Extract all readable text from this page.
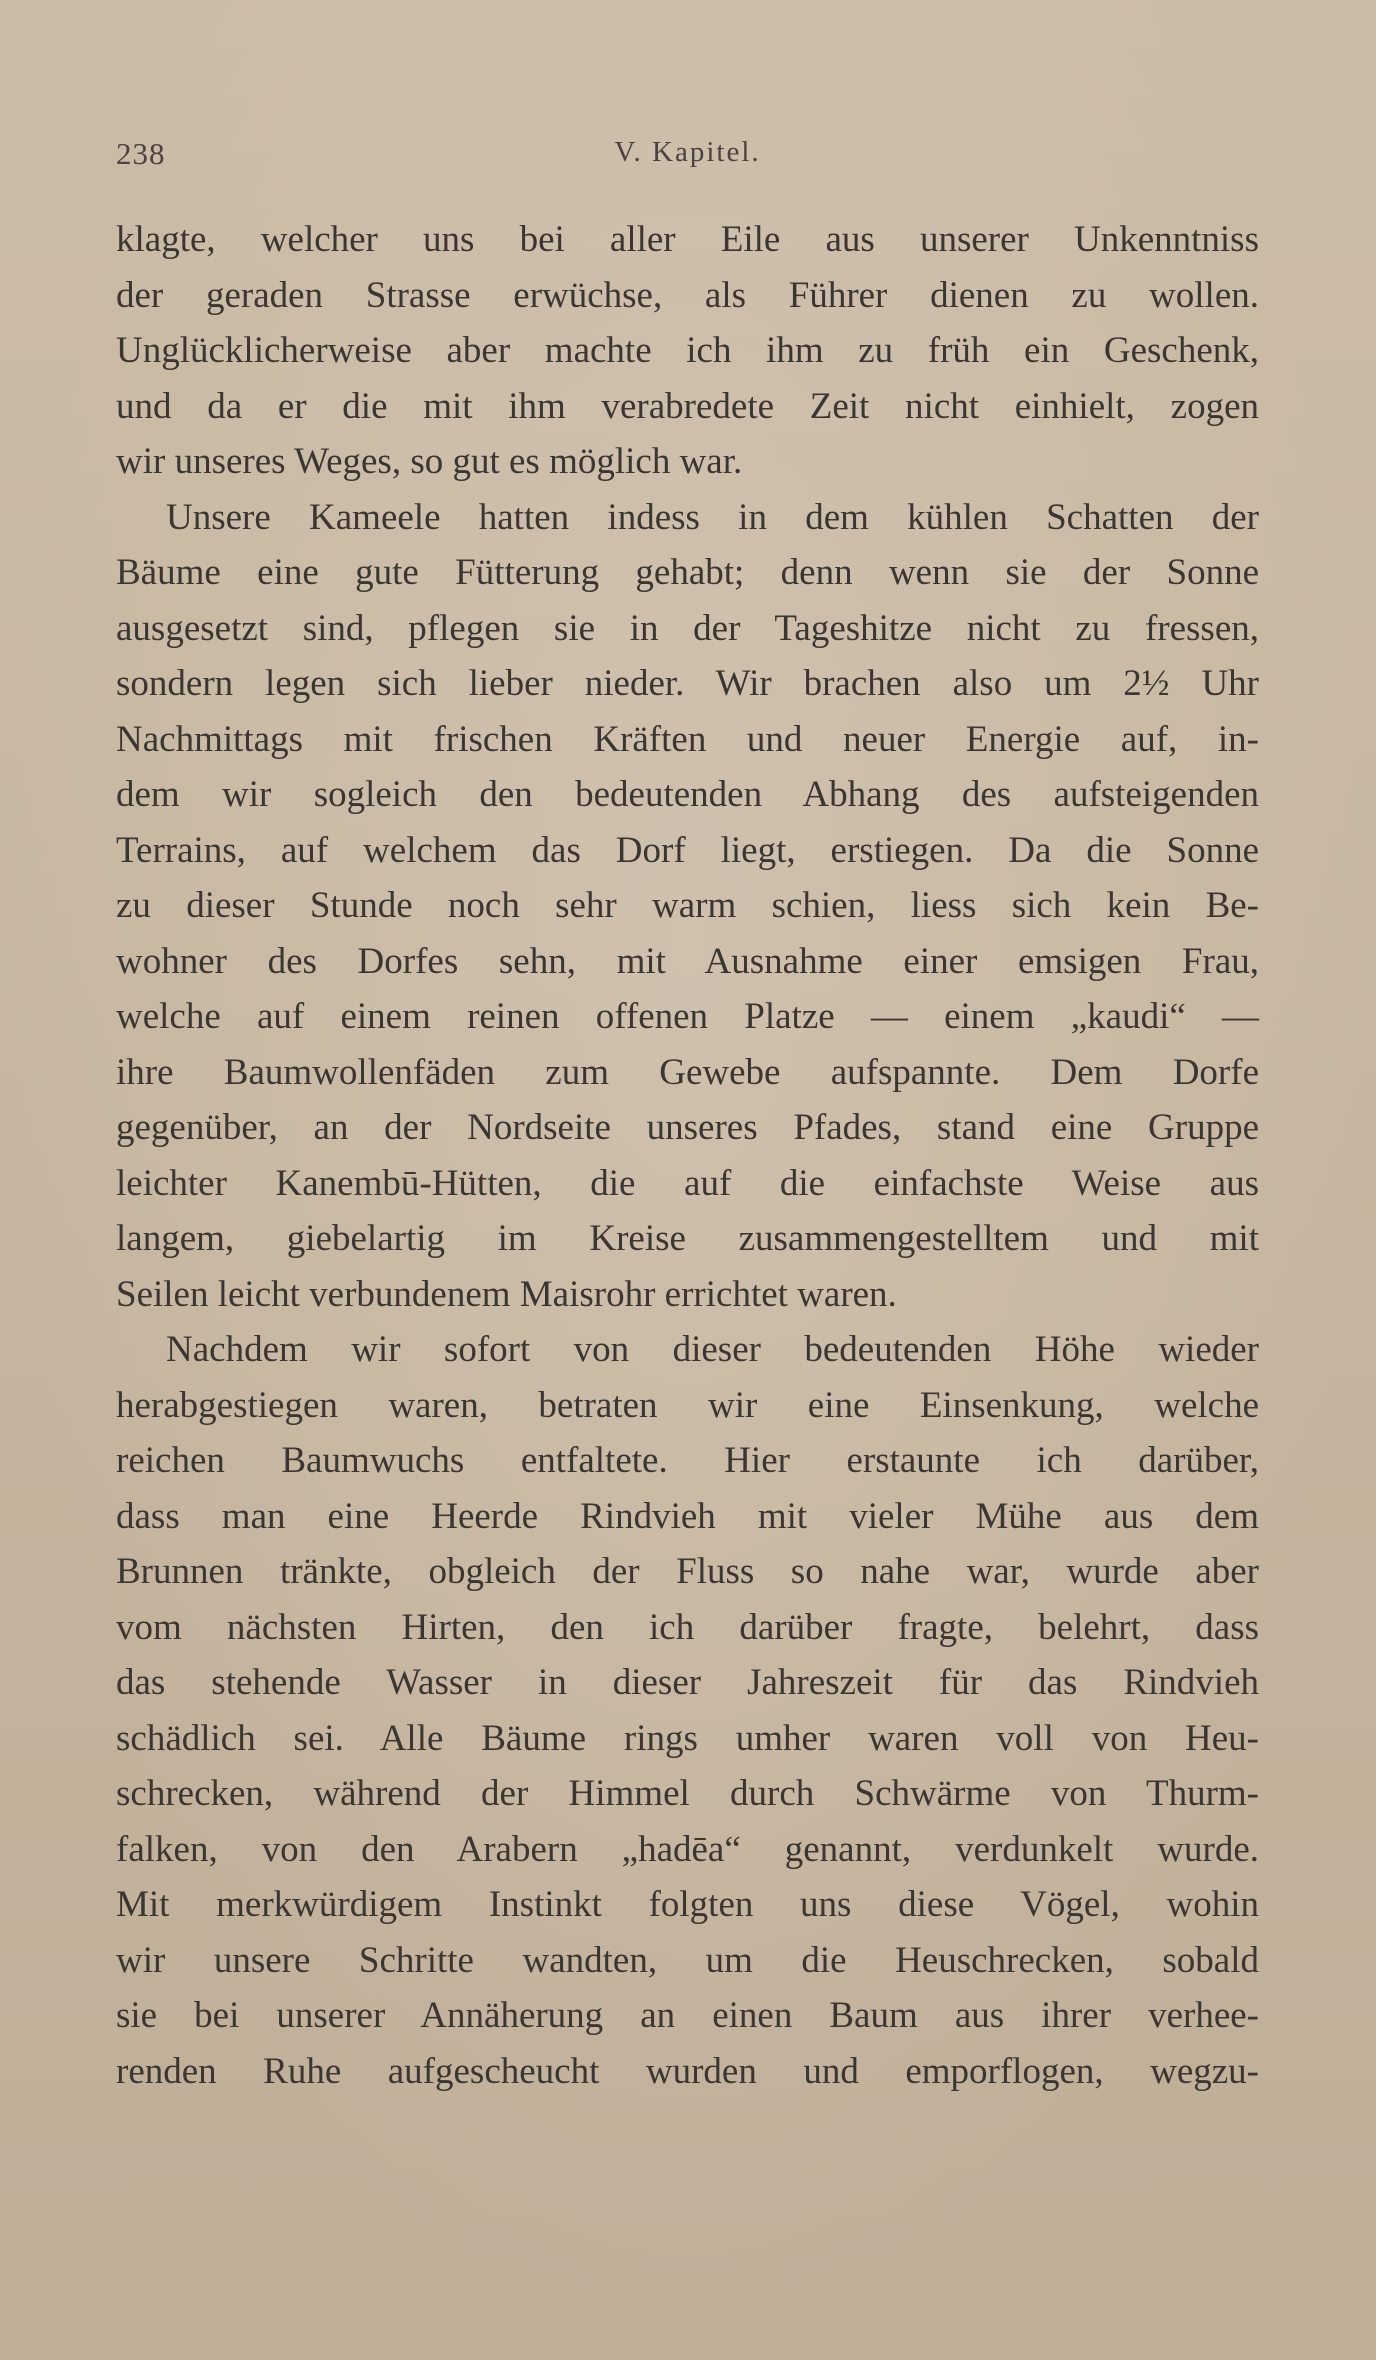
238	V. Kapitel.
klagte, welcher uns bei aller Eile aus unserer Unkenntniss
der geraden Strasse erwüchse, als Führer dienen zu wollen.
Unglücklicherweise aber machte ich ihm zu früh ein Geschenk,
und da er die mit ihm verabredete Zeit nicht einhielt, zogen
wir unseres Weges, so gut es möglich war.
Unsere Kameele hatten indess in dem kühlen Schatten der
Bäume eine gute Fütterung gehabt; denn wenn sie der Sonne
ausgesetzt sind, pflegen sie in der Tageshitze nicht zu fressen,
sondern legen sich lieber nieder. Wir brachen also um 2½ Uhr
Nachmittags mit frischen Kräften und neuer Energie auf, in-
dem wir sogleich den bedeutenden Abhang des aufsteigenden
Terrains, auf welchem das Dorf liegt, erstiegen. Da die Sonne
zu dieser Stunde noch sehr warm schien, liess sich kein Be-
wohner des Dorfes sehn, mit Ausnahme einer emsigen Frau,
welche auf einem reinen offenen Platze — einem „kaudi“ —
ihre Baumwollenfäden zum Gewebe aufspannte. Dem Dorfe
gegenüber, an der Nordseite unseres Pfades, stand eine Gruppe
leichter Kanembū-Hütten, die auf die einfachste Weise aus
langem, giebelartig im Kreise zusammengestelltem und mit
Seilen leicht verbundenem Maisrohr errichtet waren.
Nachdem wir sofort von dieser bedeutenden Höhe wieder
herabgestiegen waren, betraten wir eine Einsenkung, welche
reichen Baumwuchs entfaltete. Hier erstaunte ich darüber,
dass man eine Heerde Rindvieh mit vieler Mühe aus dem
Brunnen tränkte, obgleich der Fluss so nahe war, wurde aber
vom nächsten Hirten, den ich darüber fragte, belehrt, dass
das stehende Wasser in dieser Jahreszeit für das Rindvieh
schädlich sei. Alle Bäume rings umher waren voll von Heu-
schrecken, während der Himmel durch Schwärme von Thurm-
falken, von den Arabern „hadēa“ genannt, verdunkelt wurde.
Mit merkwürdigem Instinkt folgten uns diese Vögel, wohin
wir unsere Schritte wandten, um die Heuschrecken, sobald
sie bei unserer Annäherung an einen Baum aus ihrer verhee-
renden Ruhe aufgescheucht wurden und emporflogen, wegzu-
